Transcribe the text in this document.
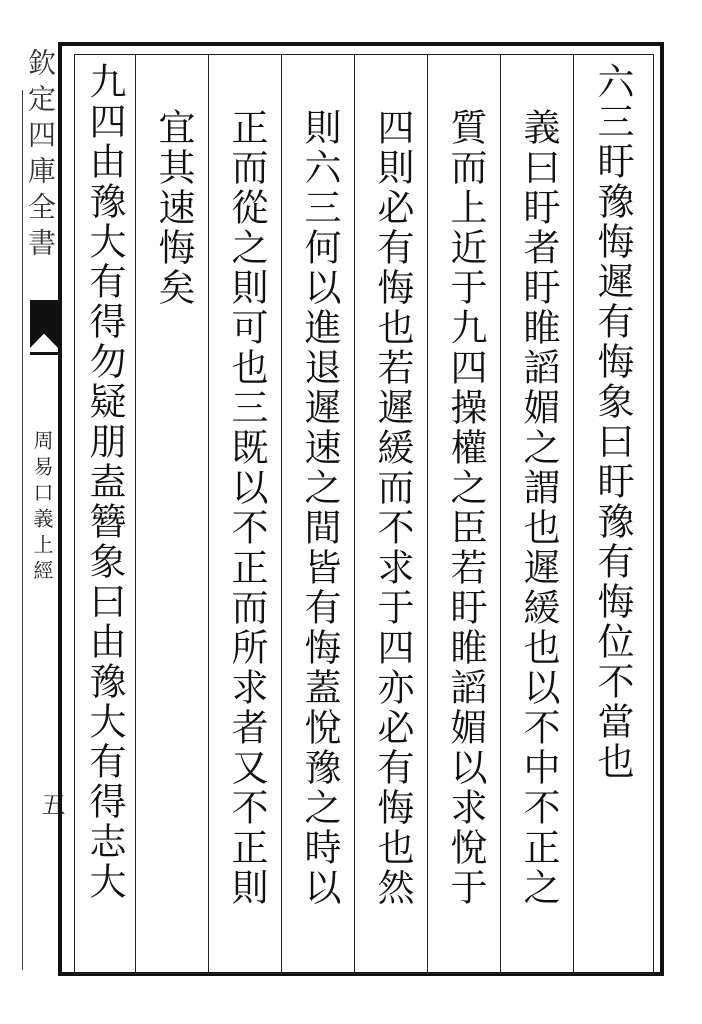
欽定四庫全書
周易口義上經
五
六三盱豫悔遲有悔象曰盱豫有悔位不當也
義曰盱者盱睢謟媚之謂也遲緩也以不中不正之
質而上近于九四操權之臣若盱睢謟媚以求悅于
四則必有悔也若遲緩而不求于四亦必有悔也然
則六三何以進退遲速之間皆有悔蓋悅豫之時以
正而從之則可也三既以不正而所求者又不正則
宜其速悔矣
九四由豫大有得勿疑朋盍簪象曰由豫大有得志大
